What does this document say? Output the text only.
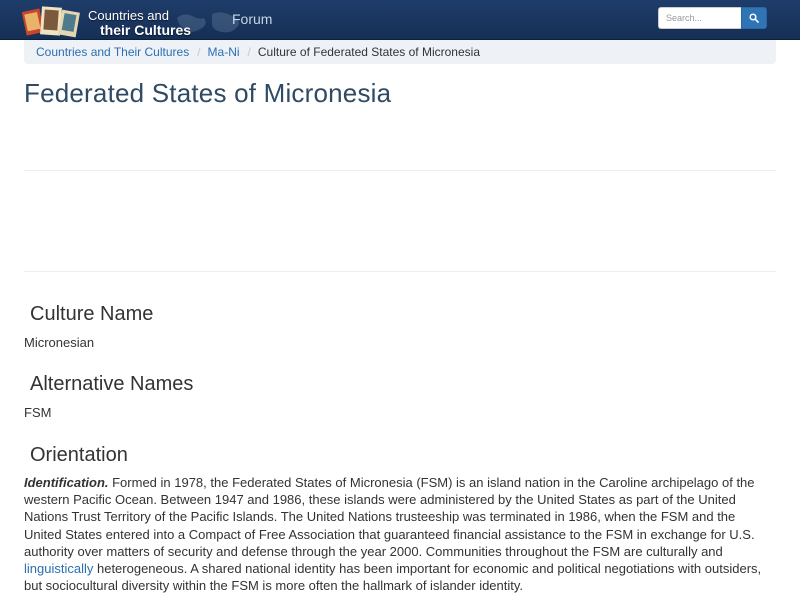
Countries and
their Cultures
Forum
Search...
Countries and Their Cultures / Ma-Ni / Culture of Federated States of Micronesia
Federated States of Micronesia
Culture Name
Micronesian
Alternative Names
FSM
Orientation

Identification. Formed in 1978, the Federated States of Micronesia (FSM) is an island nation in the Caroline archipelago of the western Pacific Ocean. Between 1947 and 1986, these islands were administered by the United States as part of the United Nations Trust Territory of the Pacific Islands. The United Nations trusteeship was terminated in 1986, when the FSM and the United States entered into a Compact of Free Association that guaranteed financial assistance to the FSM in exchange for U.S. authority over matters of security and defense through the year 2000. Communities throughout the FSM are culturally and linguistically heterogeneous. A shared national identity has been important for economic and political negotiations with outsiders, but sociocultural diversity within the FSM is more often the hallmark of islander identity.
